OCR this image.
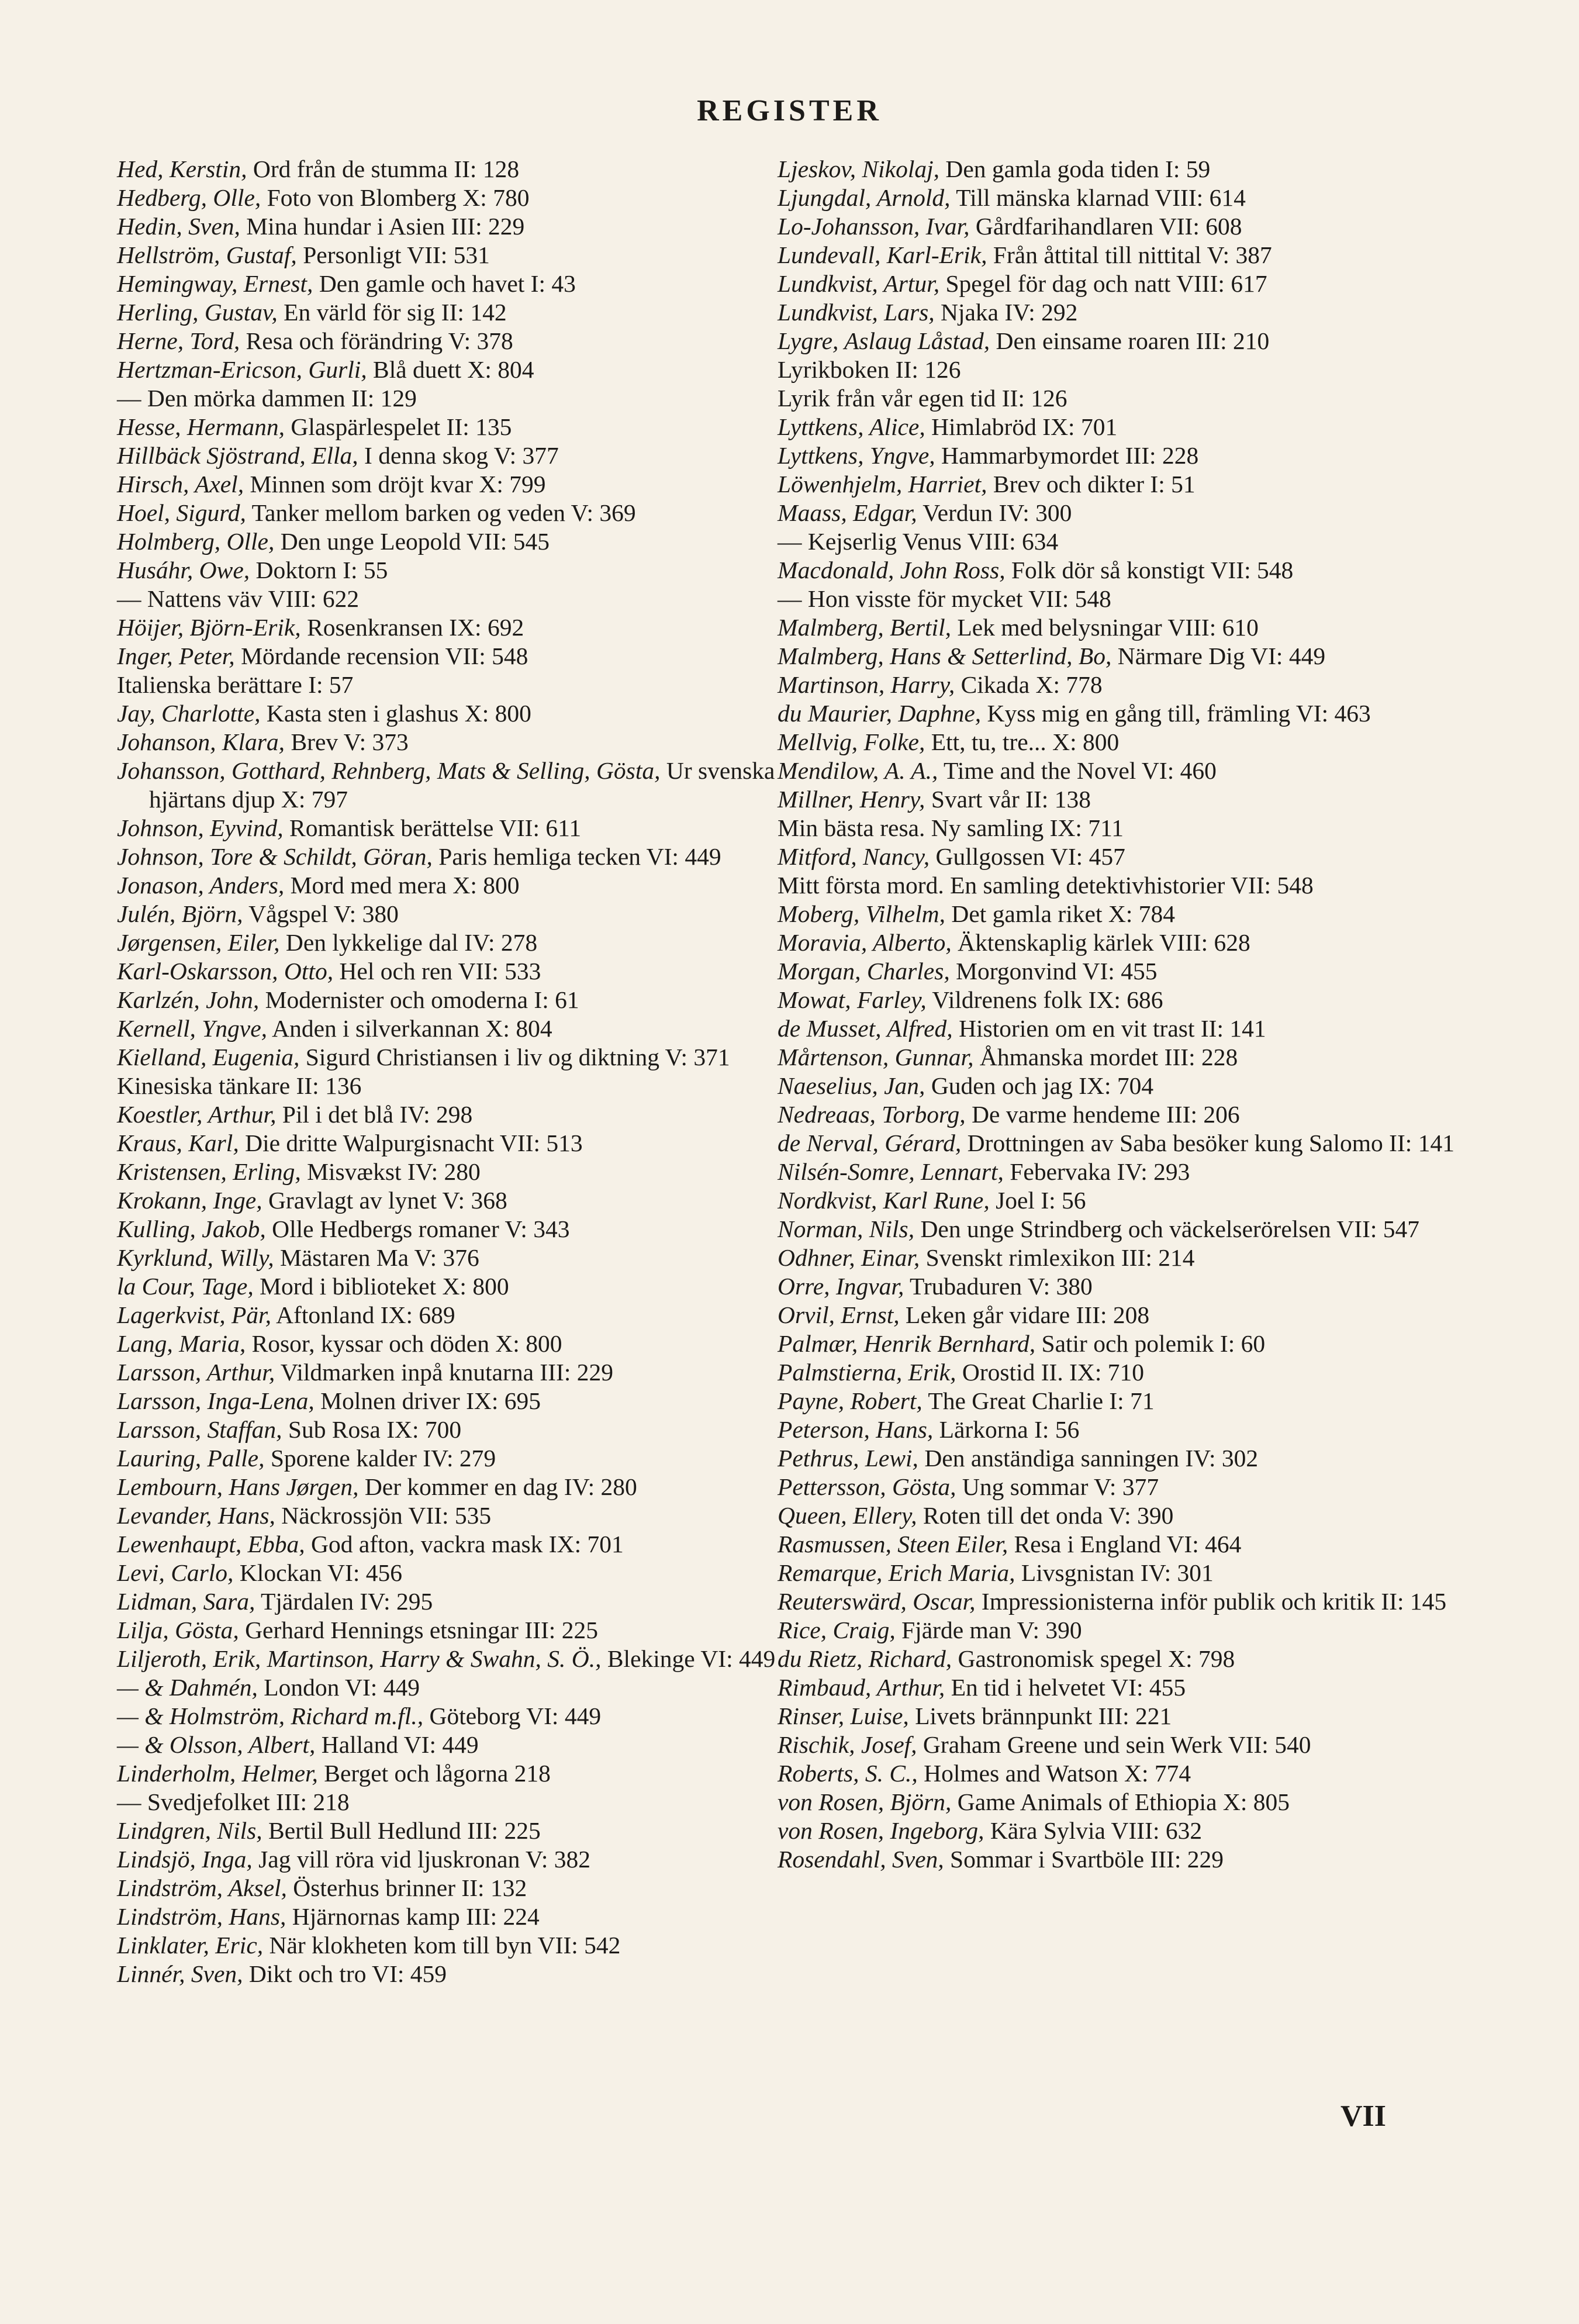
REGISTER

Hed, Kerstin, Ord från de stumma II: 128

Hedberg, Olle, Foto von Blomberg X: 780

Hedin, Sven, Mina hundar i Asien III: 229

Hellström, Gustaf, Personligt VII: 531

Hemingway, Ernest, Den gamle och havet I: 43

Herling, Gustav, En värld för sig II: 142

Herne, Tord, Resa och förändring V: 378

Hertzman-Ericson, Gurli, Blå duett X: 804

— Den mörka dammen II: 129

Hesse, Hermann, Glaspärlespelet II: 135

Hillbäck Sjöstrand, Ella, I denna skog V: 377

Hirsch, Axel, Minnen som dröjt kvar X: 799

Hoel, Sigurd, Tanker mellom barken og veden V: 369

Holmberg, Olle, Den unge Leopold VII: 545

Husáhr, Owe, Doktorn I: 55

— Nattens väv VIII: 622

Höijer, Björn-Erik, Rosenkransen IX: 692

Inger, Peter, Mördande recension VII: 548

Italienska berättare I: 57

Jay, Charlotte, Kasta sten i glashus X: 800

Johanson, Klara, Brev V: 373

Johansson, Gotthard, Rehnberg, Mats & Selling, Gösta, Ur svenska hjärtans djup X: 797

Johnson, Eyvind, Romantisk berättelse VII: 611

Johnson, Tore & Schildt, Göran, Paris hemliga tecken VI: 449

Jonason, Anders, Mord med mera X: 800

Julén, Björn, Vågspel V: 380

Jørgensen, Eiler, Den lykkelige dal IV: 278

Karl-Oskarsson, Otto, Hel och ren VII: 533

Karlzén, John, Modernister och omoderna I: 61

Kernell, Yngve, Anden i silverkannan X: 804

Kielland, Eugenia, Sigurd Christiansen i liv og diktning V: 371

Kinesiska tänkare II: 136

Koestler, Arthur, Pil i det blå IV: 298

Kraus, Karl, Die dritte Walpurgisnacht VII: 513

Kristensen, Erling, Misvækst IV: 280

Krokann, Inge, Gravlagt av lynet V: 368

Kulling, Jakob, Olle Hedbergs romaner V: 343

Kyrklund, Willy, Mästaren Ma V: 376

la Cour, Tage, Mord i biblioteket X: 800

Lagerkvist, Pär, Aftonland IX: 689

Lang, Maria, Rosor, kyssar och döden X: 800

Larsson, Arthur, Vildmarken inpå knutarna III: 229

Larsson, Inga-Lena, Molnen driver IX: 695

Larsson, Staffan, Sub Rosa IX: 700

Lauring, Palle, Sporene kalder IV: 279

Lembourn, Hans Jørgen, Der kommer en dag IV: 280

Levander, Hans, Näckrossjön VII: 535

Lewenhaupt, Ebba, God afton, vackra mask IX: 701

Levi, Carlo, Klockan VI: 456

Lidman, Sara, Tjärdalen IV: 295

Lilja, Gösta, Gerhard Hennings etsningar III: 225

Liljeroth, Erik, Martinson, Harry & Swahn, S. Ö., Blekinge VI: 449

— & Dahmén, London VI: 449

— & Holmström, Richard m.fl., Göteborg VI: 449

— & Olsson, Albert, Halland VI: 449

Linderholm, Helmer, Berget och lågorna 218

— Svedjefolket III: 218

Lindgren, Nils, Bertil Bull Hedlund III: 225

Lindsjö, Inga, Jag vill röra vid ljuskronan V: 382

Lindström, Aksel, Österhus brinner II: 132

Lindström, Hans, Hjärnornas kamp III: 224

Linklater, Eric, När klokheten kom till byn VII: 542

Linnér, Sven, Dikt och tro VI: 459

Ljeskov, Nikolaj, Den gamla goda tiden I: 59

Ljungdal, Arnold, Till mänska klarnad VIII: 614

Lo-Johansson, Ivar, Gårdfarihandlaren VII: 608

Lundevall, Karl-Erik, Från åttital till nittital V: 387

Lundkvist, Artur, Spegel för dag och natt VIII: 617

Lundkvist, Lars, Njaka IV: 292

Lygre, Aslaug Låstad, Den einsame roaren III: 210

Lyrikboken II: 126

Lyrik från vår egen tid II: 126

Lyttkens, Alice, Himlabröd IX: 701

Lyttkens, Yngve, Hammarbymordet III: 228

Löwenhjelm, Harriet, Brev och dikter I: 51

Maass, Edgar, Verdun IV: 300

— Kejserlig Venus VIII: 634

Macdonald, John Ross, Folk dör så konstigt VII: 548

— Hon visste för mycket VII: 548

Malmberg, Bertil, Lek med belysningar VIII: 610

Malmberg, Hans & Setterlind, Bo, Närmare Dig VI: 449

Martinson, Harry, Cikada X: 778

du Maurier, Daphne, Kyss mig en gång till, främling VI: 463

Mellvig, Folke, Ett, tu, tre... X: 800

Mendilow, A. A., Time and the Novel VI: 460

Millner, Henry, Svart vår II: 138

Min bästa resa. Ny samling IX: 711

Mitford, Nancy, Gullgossen VI: 457

Mitt första mord. En samling detektivhistorier VII: 548

Moberg, Vilhelm, Det gamla riket X: 784

Moravia, Alberto, Äktenskaplig kärlek VIII: 628

Morgan, Charles, Morgonvind VI: 455

Mowat, Farley, Vildrenens folk IX: 686

de Musset, Alfred, Historien om en vit trast II: 141

Mårtenson, Gunnar, Åhmanska mordet III: 228

Naeselius, Jan, Guden och jag IX: 704

Nedreaas, Torborg, De varme hendeme III: 206

de Nerval, Gérard, Drottningen av Saba besöker kung Salomo II: 141

Nilsén-Somre, Lennart, Febervaka IV: 293

Nordkvist, Karl Rune, Joel I: 56

Norman, Nils, Den unge Strindberg och väckelserörelsen VII: 547

Odhner, Einar, Svenskt rimlexikon III: 214

Orre, Ingvar, Trubaduren V: 380

Orvil, Ernst, Leken går vidare III: 208

Palmær, Henrik Bernhard, Satir och polemik I: 60

Palmstierna, Erik, Orostid II. IX: 710

Payne, Robert, The Great Charlie I: 71

Peterson, Hans, Lärkorna I: 56

Pethrus, Lewi, Den anständiga sanningen IV: 302

Pettersson, Gösta, Ung sommar V: 377

Queen, Ellery, Roten till det onda V: 390

Rasmussen, Steen Eiler, Resa i England VI: 464

Remarque, Erich Maria, Livsgnistan IV: 301

Reuterswärd, Oscar, Impressionisterna inför publik och kritik II: 145

Rice, Craig, Fjärde man V: 390

du Rietz, Richard, Gastronomisk spegel X: 798

Rimbaud, Arthur, En tid i helvetet VI: 455

Rinser, Luise, Livets brännpunkt III: 221

Rischik, Josef, Graham Greene und sein Werk VII: 540

Roberts, S. C., Holmes and Watson X: 774

von Rosen, Björn, Game Animals of Ethiopia X: 805

von Rosen, Ingeborg, Kära Sylvia VIII: 632

Rosendahl, Sven, Sommar i Svartböle III: 229

VII
